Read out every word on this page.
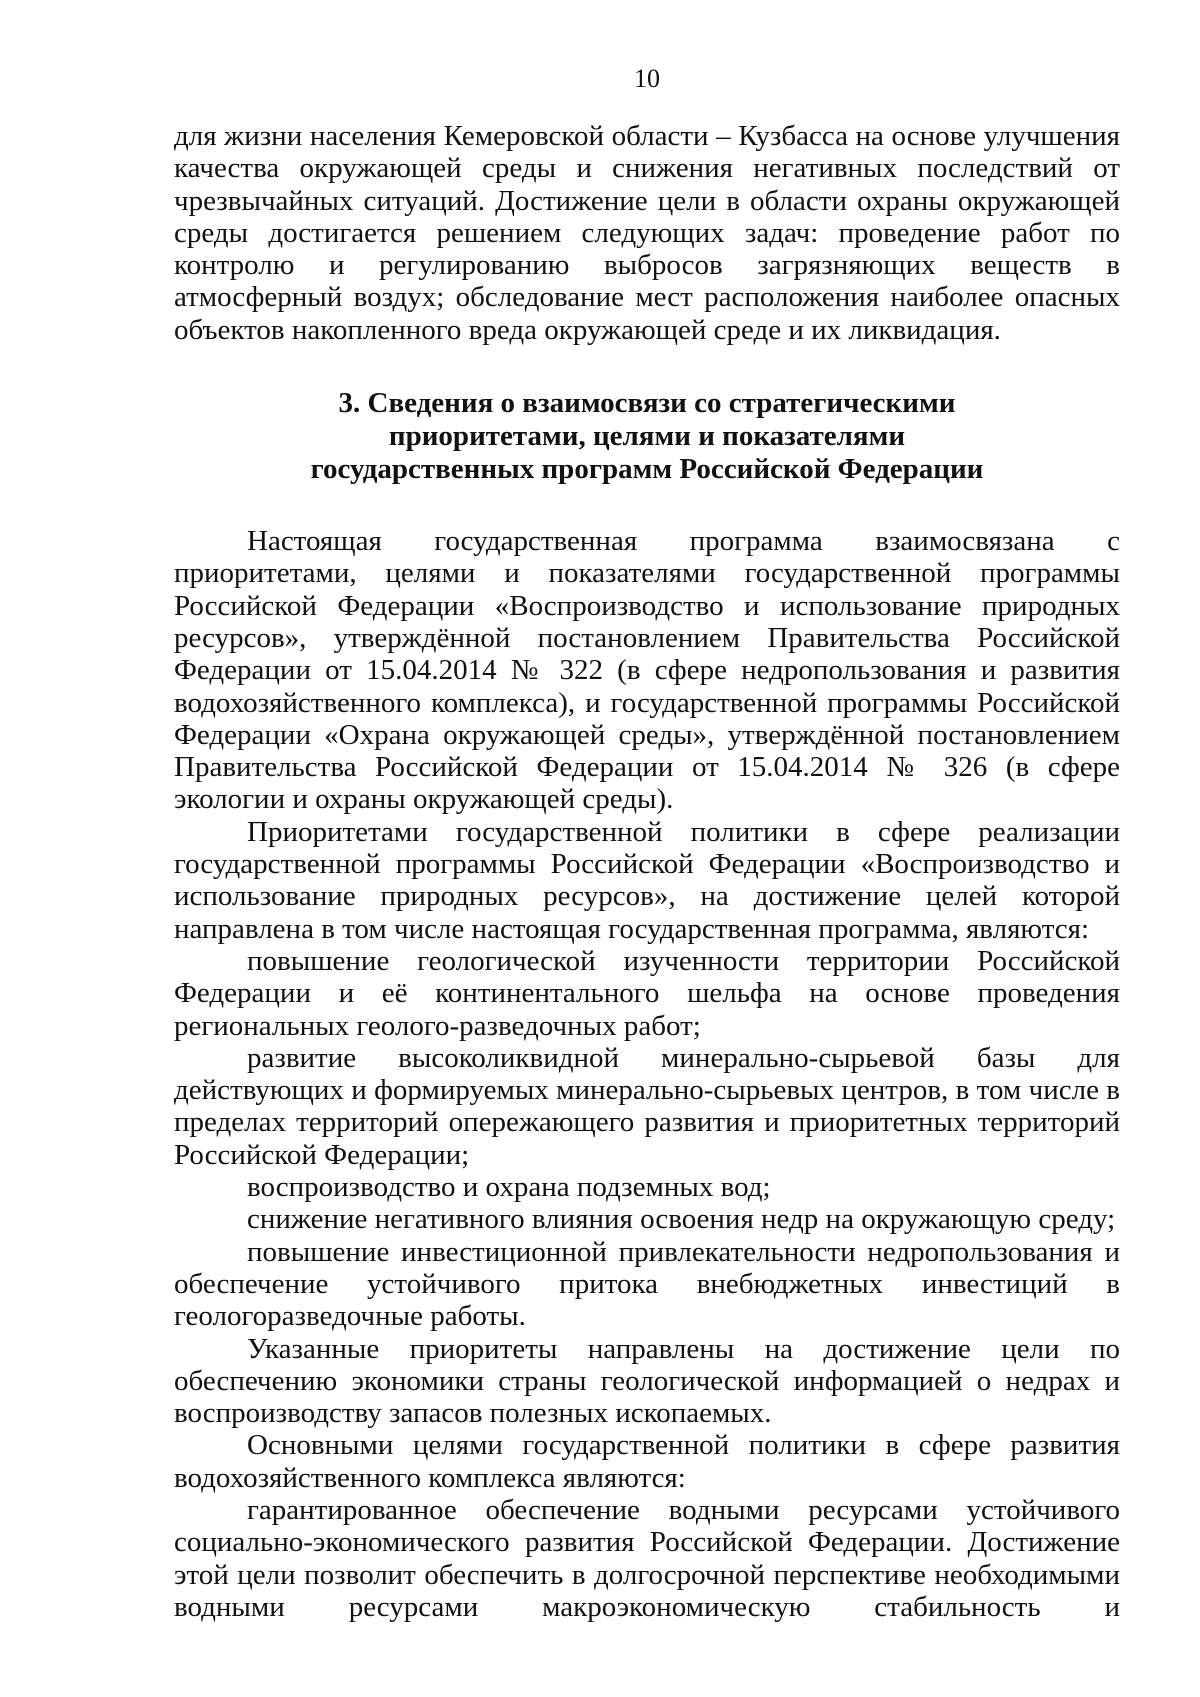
10

для жизни населения Кемеровской области – Кузбасса на основе улучшения качества окружающей среды и снижения негативных последствий от чрезвычайных ситуаций. Достижение цели в области охраны окружающей среды достигается решением следующих задач: проведение работ по контролю и регулированию выбросов загрязняющих веществ в атмосферный воздух; обследование мест расположения наиболее опасных объектов накопленного вреда окружающей среде и их ликвидация.

3. Сведения о взаимосвязи со стратегическими
приоритетами, целями и показателями
государственных программ Российской Федерации

Настоящая государственная программа взаимосвязана с приоритетами, целями и показателями государственной программы Российской Федерации «Воспроизводство и использование природных ресурсов», утверждённой постановлением Правительства Российской Федерации от 15.04.2014 № 322 (в сфере недропользования и развития водохозяйственного комплекса), и государственной программы Российской Федерации «Охрана окружающей среды», утверждённой постановлением Правительства Российской Федерации от 15.04.2014 № 326 (в сфере экологии и охраны окружающей среды).

Приоритетами государственной политики в сфере реализации государственной программы Российской Федерации «Воспроизводство и использование природных ресурсов», на достижение целей которой направлена в том числе настоящая государственная программа, являются:

повышение геологической изученности территории Российской Федерации и её континентального шельфа на основе проведения региональных геолого-разведочных работ;

развитие высоколиквидной минерально-сырьевой базы для действующих и формируемых минерально-сырьевых центров, в том числе в пределах территорий опережающего развития и приоритетных территорий Российской Федерации;

воспроизводство и охрана подземных вод;

снижение негативного влияния освоения недр на окружающую среду;

повышение инвестиционной привлекательности недропользования и обеспечение устойчивого притока внебюджетных инвестиций в геологоразведочные работы.

Указанные приоритеты направлены на достижение цели по обеспечению экономики страны геологической информацией о недрах и воспроизводству запасов полезных ископаемых.

Основными целями государственной политики в сфере развития водохозяйственного комплекса являются:

гарантированное обеспечение водными ресурсами устойчивого социально-экономического развития Российской Федерации. Достижение этой цели позволит обеспечить в долгосрочной перспективе необходимыми водными ресурсами макроэкономическую стабильность и
